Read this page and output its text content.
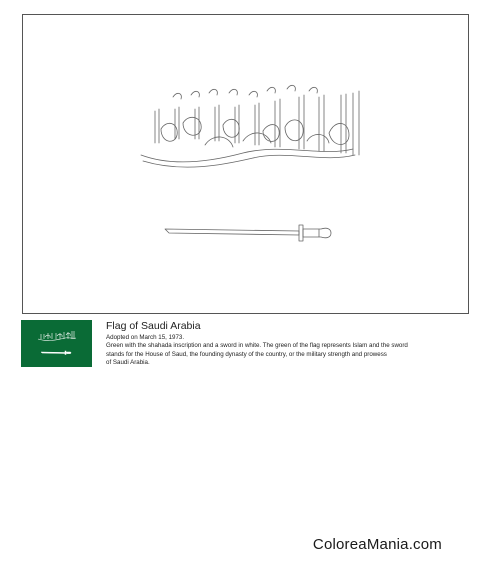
Flag of Saudi Arabia
Adopted on March 15, 1973.
Green with the shahada inscription and a sword in white. The green of the flag represents Islam and the sword
stands for the House of Saud, the founding dynasty of the country, or the military strength and prowess
of Saudi Arabia.
ColoreaMania.com
